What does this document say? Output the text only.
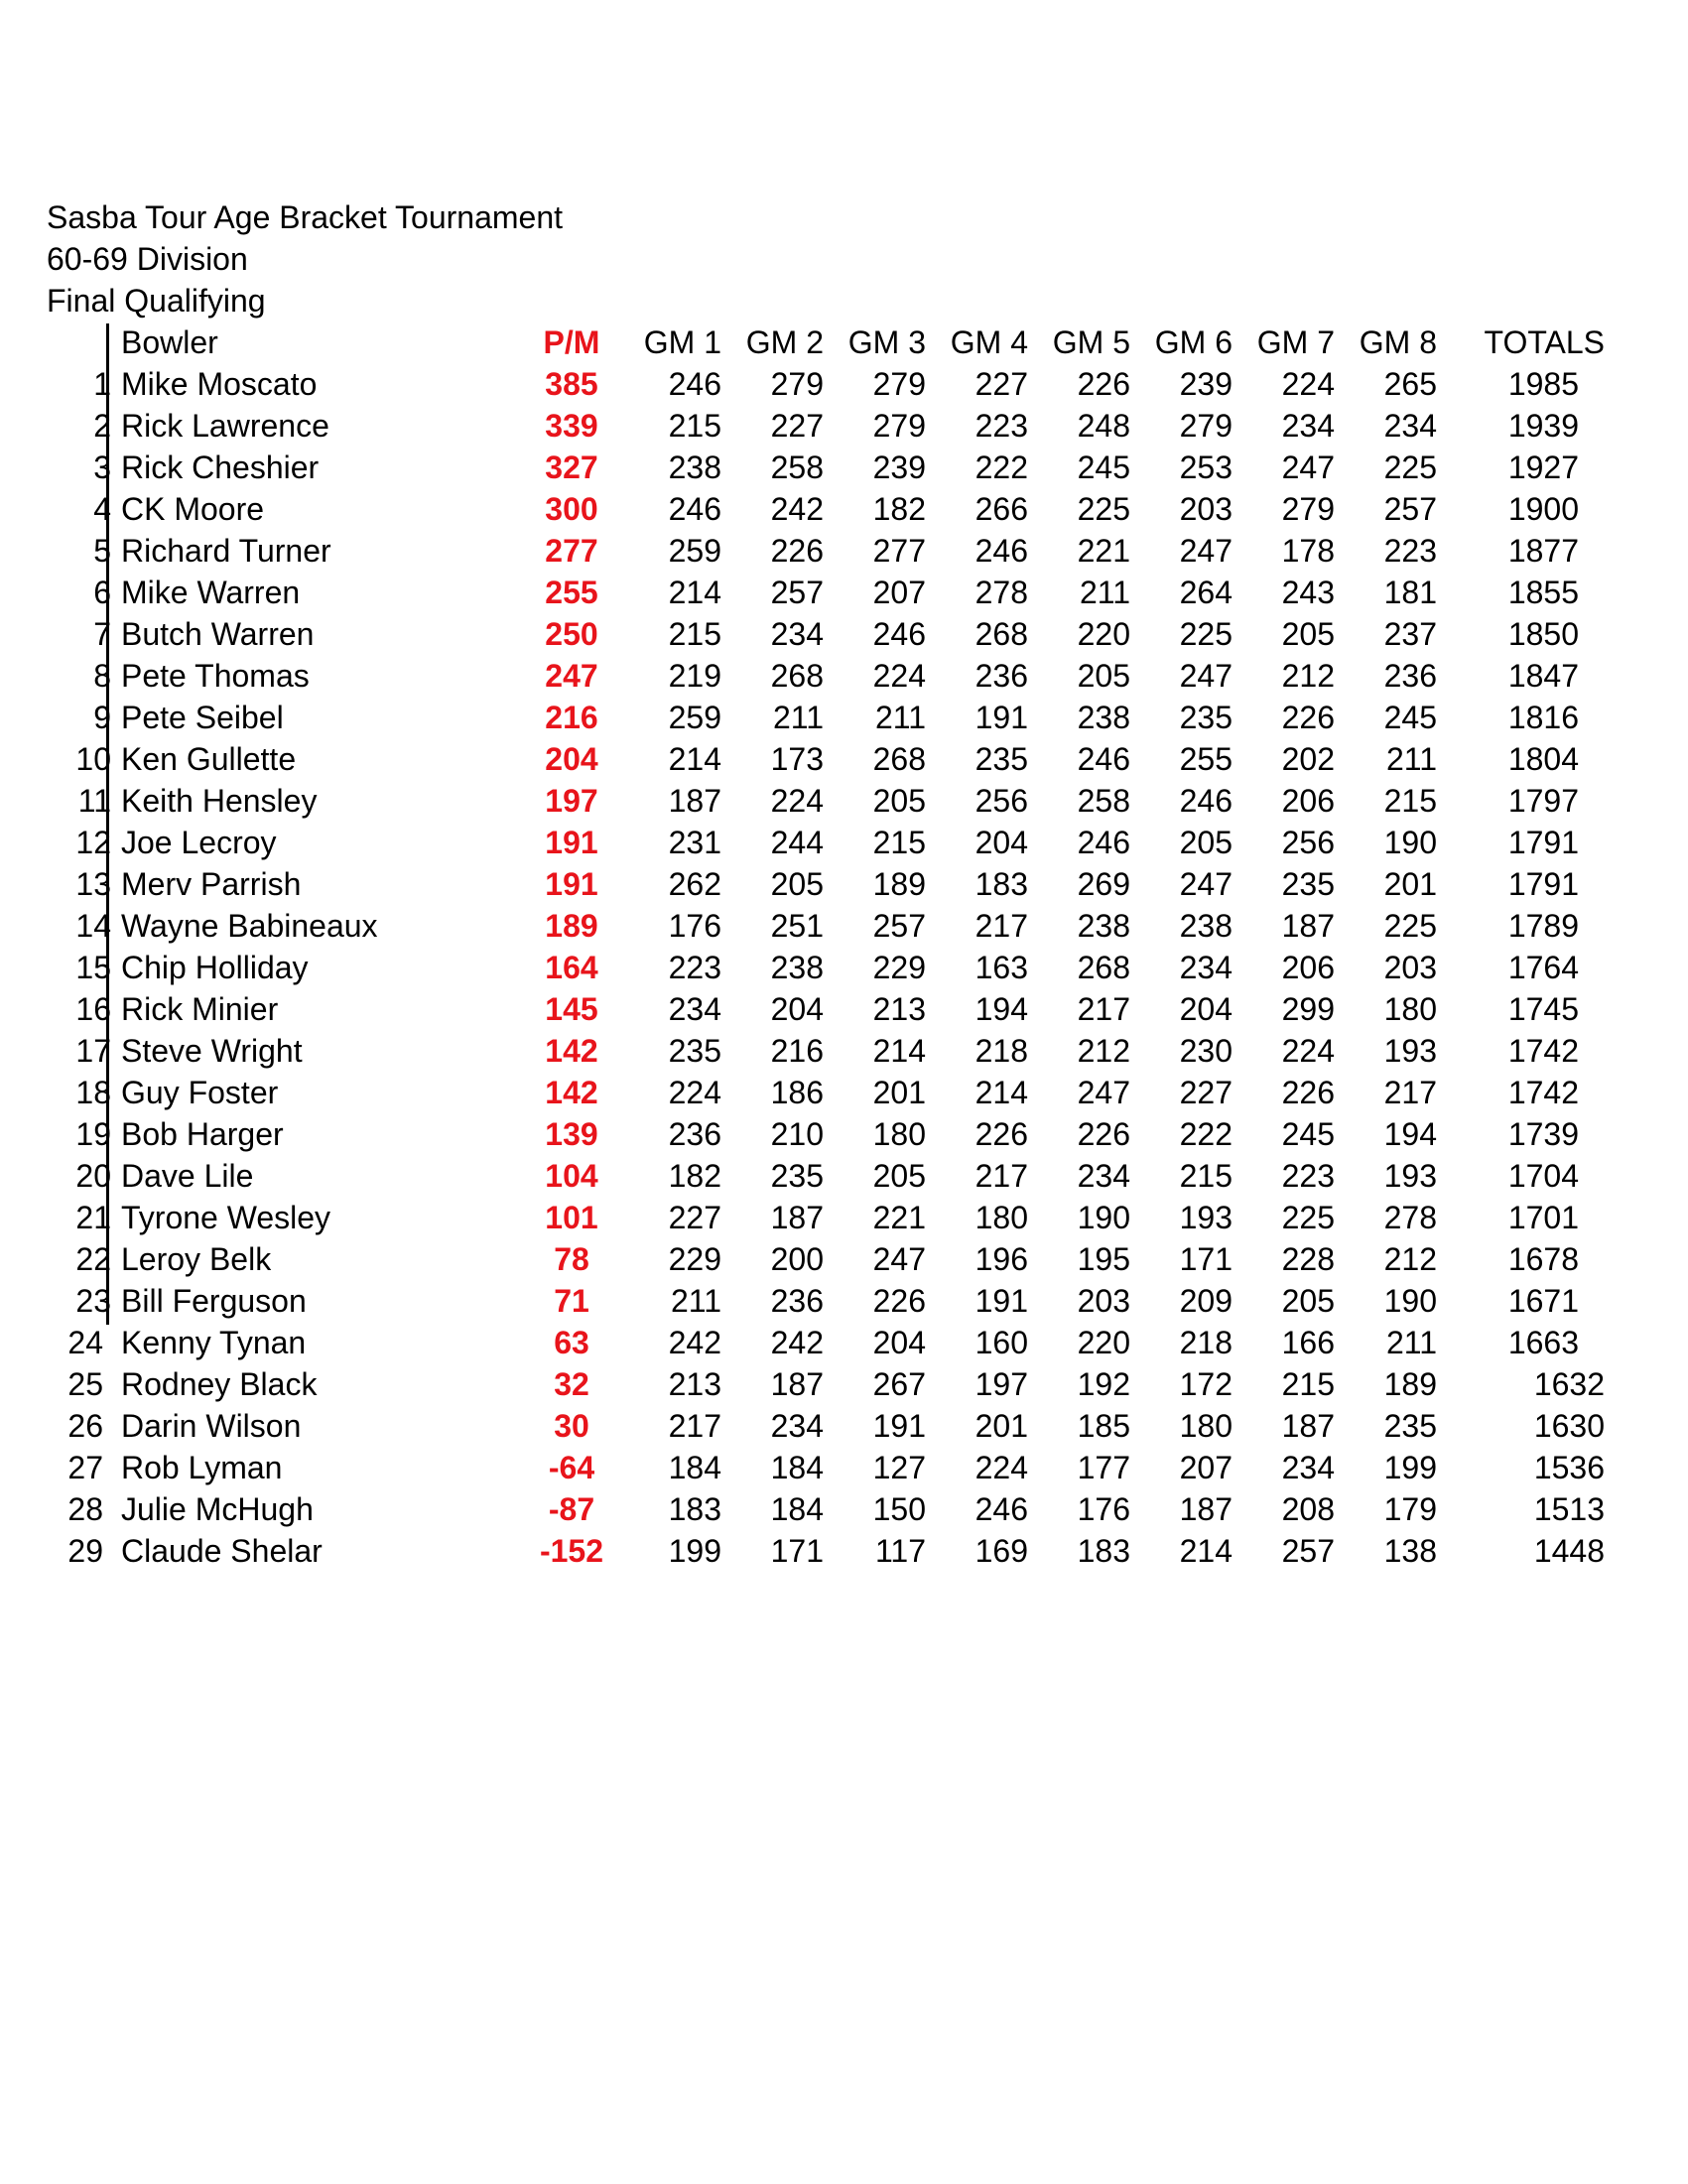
Sasba Tour Age Bracket Tournament
60-69 Division
Final Qualifying
	Bowler	P/M	GM 1	GM 2	GM 3	GM 4	GM 5	GM 6	GM 7	GM 8	TOTALS
1	Mike Moscato	385	246	279	279	227	226	239	224	265	1985
2	Rick Lawrence	339	215	227	279	223	248	279	234	234	1939
3	Rick Cheshier	327	238	258	239	222	245	253	247	225	1927
4	CK Moore	300	246	242	182	266	225	203	279	257	1900
5	Richard Turner	277	259	226	277	246	221	247	178	223	1877
6	Mike Warren	255	214	257	207	278	211	264	243	181	1855
7	Butch Warren	250	215	234	246	268	220	225	205	237	1850
8	Pete Thomas	247	219	268	224	236	205	247	212	236	1847
9	Pete Seibel	216	259	211	211	191	238	235	226	245	1816
10	Ken Gullette	204	214	173	268	235	246	255	202	211	1804
11	Keith Hensley	197	187	224	205	256	258	246	206	215	1797
12	Joe Lecroy	191	231	244	215	204	246	205	256	190	1791
13	Merv Parrish	191	262	205	189	183	269	247	235	201	1791
14	Wayne Babineaux	189	176	251	257	217	238	238	187	225	1789
15	Chip Holliday	164	223	238	229	163	268	234	206	203	1764
16	Rick Minier	145	234	204	213	194	217	204	299	180	1745
17	Steve Wright	142	235	216	214	218	212	230	224	193	1742
18	Guy Foster	142	224	186	201	214	247	227	226	217	1742
19	Bob Harger	139	236	210	180	226	226	222	245	194	1739
20	Dave Lile	104	182	235	205	217	234	215	223	193	1704
21	Tyrone Wesley	101	227	187	221	180	190	193	225	278	1701
22	Leroy Belk	78	229	200	247	196	195	171	228	212	1678
23	Bill Ferguson	71	211	236	226	191	203	209	205	190	1671
24	Kenny Tynan	63	242	242	204	160	220	218	166	211	1663
25	Rodney Black	32	213	187	267	197	192	172	215	189	1632
26	Darin Wilson	30	217	234	191	201	185	180	187	235	1630
27	Rob Lyman	-64	184	184	127	224	177	207	234	199	1536
28	Julie McHugh	-87	183	184	150	246	176	187	208	179	1513
29	Claude Shelar	-152	199	171	117	169	183	214	257	138	1448
